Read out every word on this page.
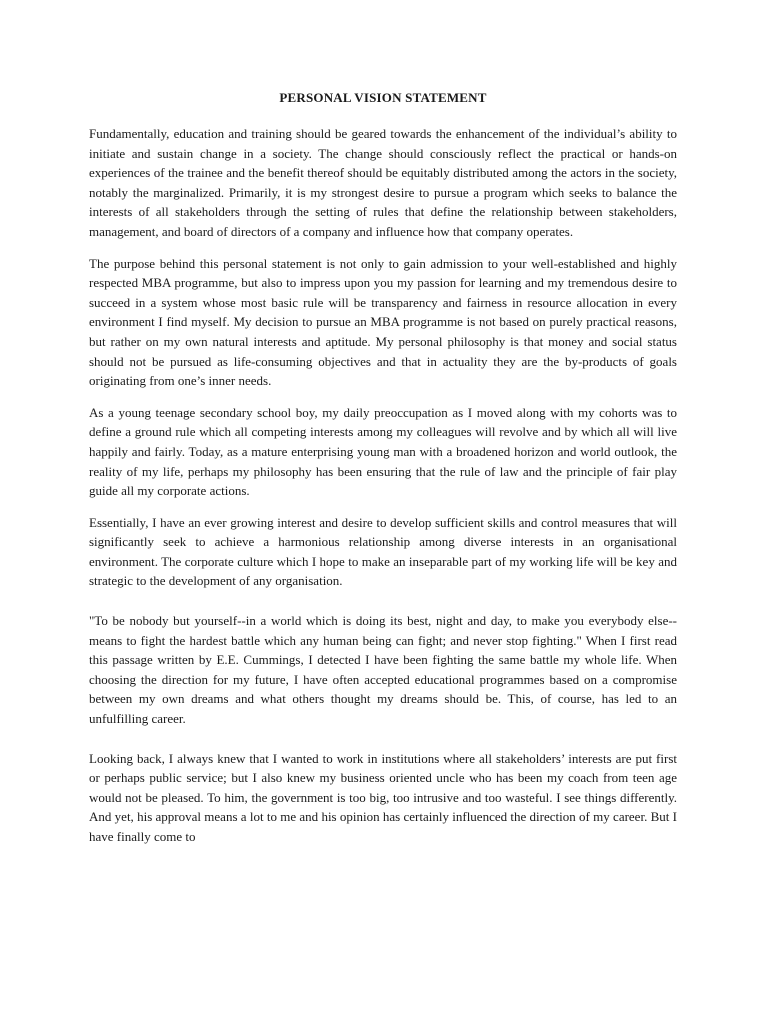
PERSONAL VISION STATEMENT

Fundamentally, education and training should be geared towards the enhancement of the individual’s ability to initiate and sustain change in a society. The change should consciously reflect the practical or hands-on experiences of the trainee and the benefit thereof should be equitably distributed among the actors in the society, notably the marginalized. Primarily, it is my strongest desire to pursue a program which seeks to balance the interests of all stakeholders through the setting of rules that define the relationship between stakeholders, management, and board of directors of a company and influence how that company operates.

The purpose behind this personal statement is not only to gain admission to your well-established and highly respected MBA programme, but also to impress upon you my passion for learning and my tremendous desire to succeed in a system whose most basic rule will be transparency and fairness in resource allocation in every environment I find myself. My decision to pursue an MBA programme is not based on purely practical reasons, but rather on my own natural interests and aptitude. My personal philosophy is that money and social status should not be pursued as life-consuming objectives and that in actuality they are the by-products of goals originating from one’s inner needs.

As a young teenage secondary school boy, my daily preoccupation as I moved along with my cohorts was to define a ground rule which all competing interests among my colleagues will revolve and by which all will live happily and fairly. Today, as a mature enterprising young man with a broadened horizon and world outlook, the reality of my life, perhaps my philosophy has been ensuring that the rule of law and the principle of fair play guide all my corporate actions.

Essentially, I have an ever growing interest and desire to develop sufficient skills and control measures that will significantly seek to achieve a harmonious relationship among diverse interests in an organisational environment. The corporate culture which I hope to make an inseparable part of my working life will be key and strategic to the development of any organisation.

"To be nobody but yourself--in a world which is doing its best, night and day, to make you everybody else--means to fight the hardest battle which any human being can fight; and never stop fighting." When I first read this passage written by E.E. Cummings, I detected I have been fighting the same battle my whole life. When choosing the direction for my future, I have often accepted educational programmes based on a compromise between my own dreams and what others thought my dreams should be. This, of course, has led to an unfulfilling career.

Looking back, I always knew that I wanted to work in institutions where all stakeholders’ interests are put first or perhaps public service; but I also knew my business oriented uncle who has been my coach from teen age would not be pleased. To him, the government is too big, too intrusive and too wasteful. I see things differently. And yet, his approval means a lot to me and his opinion has certainly influenced the direction of my career. But I have finally come to
